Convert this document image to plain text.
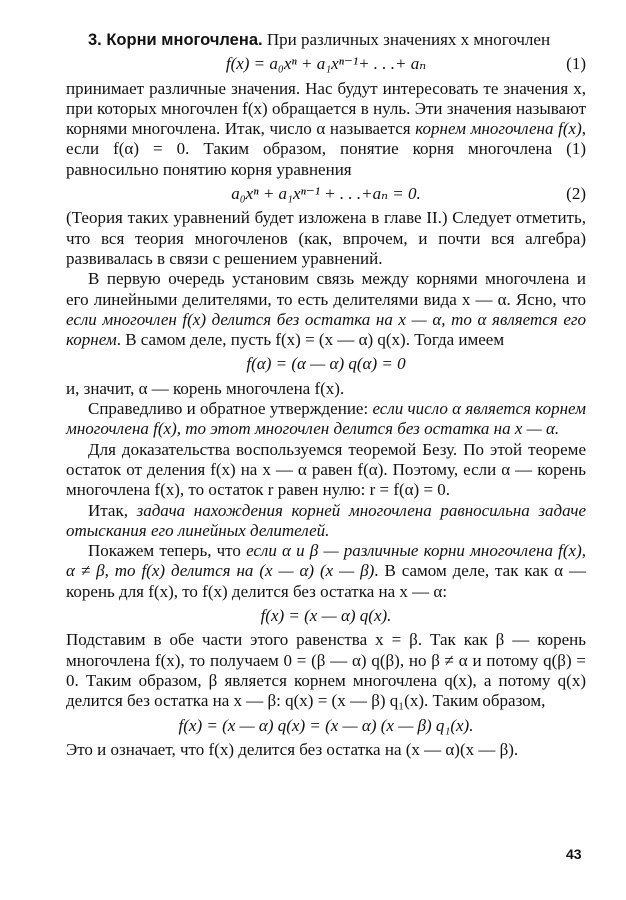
3. Корни многочлена. При различных значениях x многочлен

f(x) = a₀xⁿ + a₁xⁿ⁻¹+ . . .+ aₙ	(1)

принимает различные значения. Нас будут интересовать те значения x, при которых многочлен f(x) обращается в нуль. Эти значения называют корнями многочлена. Итак, число α называется корнем многочлена f(x), если f(α) = 0. Таким образом, понятие корня многочлена (1) равносильно понятию корня уравнения

a₀xⁿ + a₁xⁿ⁻¹ + . . .+aₙ = 0.	(2)

(Теория таких уравнений будет изложена в главе II.) Следует отметить, что вся теория многочленов (как, впрочем, и почти вся алгебра) развивалась в связи с решением уравнений.

В первую очередь установим связь между корнями многочлена и его линейными делителями, то есть делителями вида x — α. Ясно, что если многочлен f(x) делится без остатка на x — α, то α является его корнем. В самом деле, пусть f(x) = (x — α) q(x). Тогда имеем

f(α) = (α — α) q(α) = 0

и, значит, α — корень многочлена f(x).

Справедливо и обратное утверждение: если число α является корнем многочлена f(x), то этот многочлен делится без остатка на x — α.

Для доказательства воспользуемся теоремой Безу. По этой теореме остаток от деления f(x) на x — α равен f(α). Поэтому, если α — корень многочлена f(x), то остаток r равен нулю: r = f(α) = 0.

Итак, задача нахождения корней многочлена равносильна задаче отыскания его линейных делителей.

Покажем теперь, что если α и β — различные корни многочлена f(x), α ≠ β, то f(x) делится на (x — α) (x — β). В самом деле, так как α — корень для f(x), то f(x) делится без остатка на x — α:

f(x) = (x — α) q(x).

Подставим в обе части этого равенства x = β. Так как β — корень многочлена f(x), то получаем 0 = (β — α) q(β), но β ≠ α и потому q(β) = 0. Таким образом, β является корнем многочлена q(x), а потому q(x) делится без остатка на x — β: q(x) = (x — β) q₁(x). Таким образом,

f(x) = (x — α) q(x) = (x — α) (x — β) q₁(x).

Это и означает, что f(x) делится без остатка на (x — α)(x — β).

43
